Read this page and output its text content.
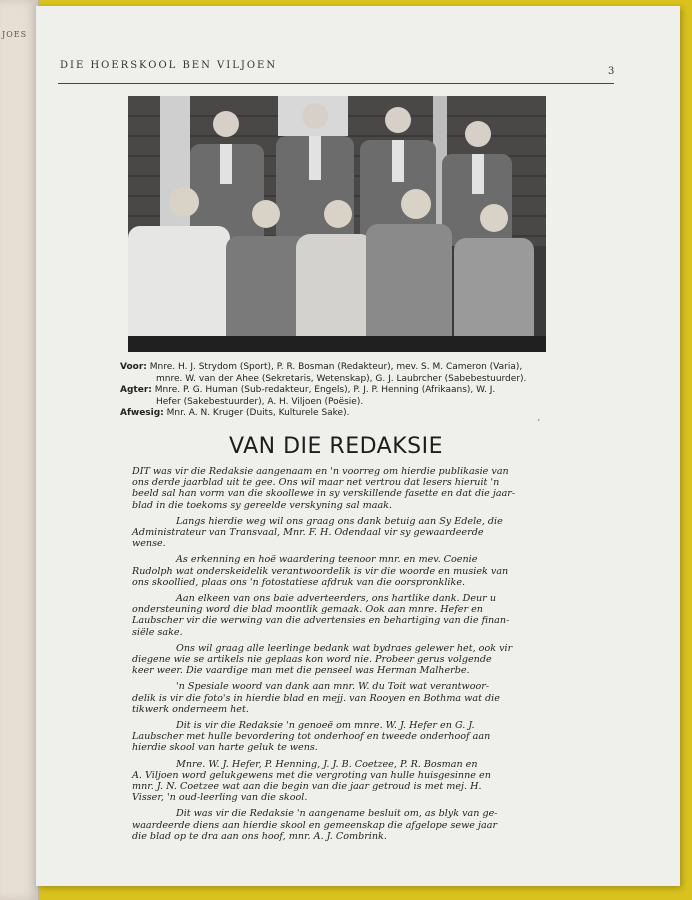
JOES
DIE HOERSKOOL BEN VILJOEN
3
Voor: Mnre. H. J. Strydom (Sport), P. R. Bosman (Redakteur), mev. S. M. Cameron (Varia),
mnre. W. van der Ahee (Sekretaris, Wetenskap), G. J. Laubrcher (Sabebestuurder).
Agter: Mnre. P. G. Human (Sub-redakteur, Engels), P. J. P. Henning (Afrikaans), W. J.
Hefer (Sakebestuurder), A. H. Viljoen (Poësie).
Afwesig: Mnr. A. N. Kruger (Duits, Kulturele Sake).
ˊ
VAN DIE REDAKSIE
DIT was vir die Redaksie aangenaam en 'n voorreg om hierdie publikasie van
ons derde jaarblad uit te gee. Ons wil maar net vertrou dat lesers hieruit 'n
beeld sal han vorm van die skoollewe in sy verskillende fasette en dat die jaar-
blad in die toekoms sy gereelde verskyning sal maak.
Langs hierdie weg wil ons graag ons dank betuig aan Sy Edele, die
Administrateur van Transvaal, Mnr. F. H. Odendaal vir sy gewaardeerde
wense.
As erkenning en hoë waardering teenoor mnr. en mev. Coenie
Rudolph wat onderskeidelik verantwoordelik is vir die woorde en musiek van
ons skoollied, plaas ons 'n fotostatiese afdruk van die oorspronklike.
Aan elkeen van ons baie adverteerders, ons hartlike dank. Deur u
ondersteuning word die blad moontlik gemaak. Ook aan mnre. Hefer en
Laubscher vir die werwing van die advertensies en behartiging van die finan-
siële sake.
Ons wil graag alle leerlinge bedank wat bydraes gelewer het, ook vir
diegene wie se artikels nie geplaas kon word nie. Probeer gerus volgende
keer weer. Die vaardige man met die penseel was Herman Malherbe.
'n Spesiale woord van dank aan mnr. W. du Toit wat verantwoor-
delik is vir die foto's in hierdie blad en mejj. van Rooyen en Bothma wat die
tikwerk onderneem het.
Dit is vir die Redaksie 'n genoeë om mnre. W. J. Hefer en G. J.
Laubscher met hulle bevordering tot onderhoof en tweede onderhoof aan
hierdie skool van harte geluk te wens.
Mnre. W. J. Hefer, P. Henning, J. J. B. Coetzee, P. R. Bosman en
A. Viljoen word gelukgewens met die vergroting van hulle huisgesinne en
mnr. J. N. Coetzee wat aan die begin van die jaar getroud is met mej. H.
Visser, 'n oud-leerling van die skool.
Dit was vir die Redaksie 'n aangename besluit om, as blyk van ge-
waardeerde diens aan hierdie skool en gemeenskap die afgelope sewe jaar
die blad op te dra aan ons hoof, mnr. A. J. Combrink.
